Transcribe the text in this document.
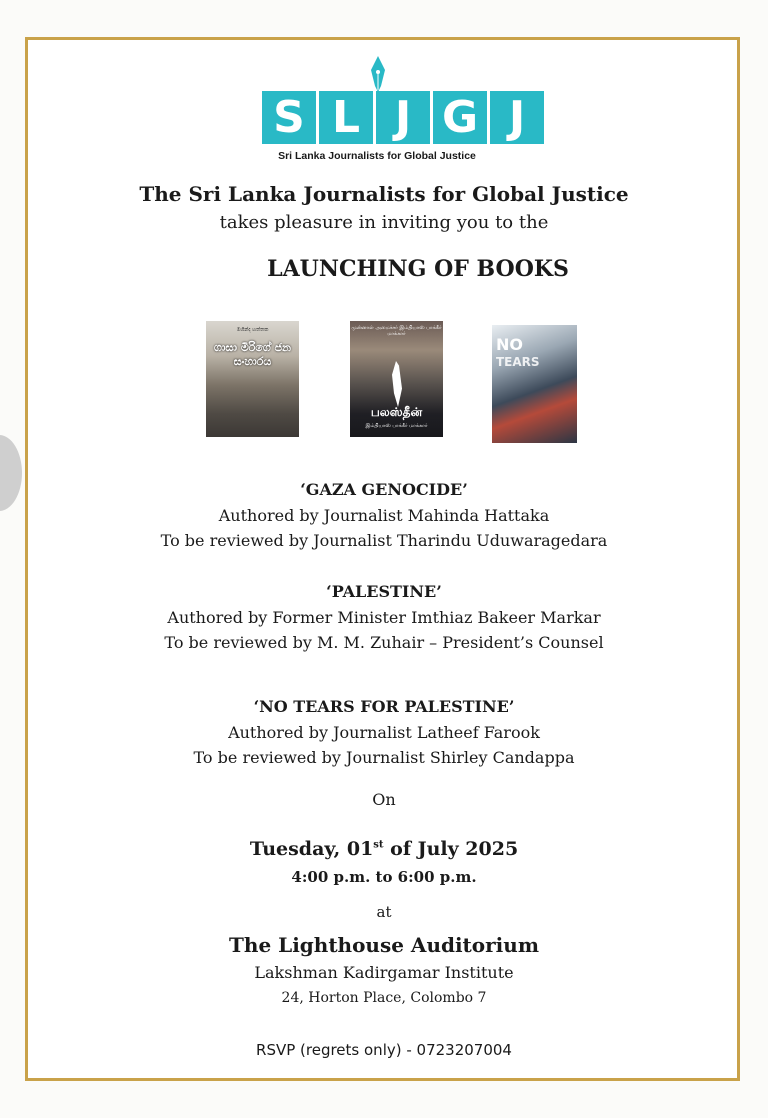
S L J G J
Sri Lanka Journalists for Global Justice
The Sri Lanka Journalists for Global Justice
takes pleasure in inviting you to the
LAUNCHING OF BOOKS
මහින්ද හත්තක
ගාසා මිරිගේ ජන සංහාරය
முன்னாள் அமைச்சர் இம்தியாஸ் பாக்கீர் மாக்கார்
பலஸ்தீன்
இம்தியாஸ் பாக்கீர் மாக்கார்
NO
TEARS
‘GAZA GENOCIDE’
Authored by Journalist Mahinda Hattaka
To be reviewed by Journalist Tharindu Uduwaragedara
‘PALESTINE’
Authored by Former Minister Imthiaz Bakeer Markar
To be reviewed by M. M. Zuhair – President’s Counsel
‘NO TEARS FOR PALESTINE’
Authored by Journalist Latheef Farook
To be reviewed by Journalist Shirley Candappa
On
Tuesday, 01st of July 2025
4:00 p.m. to 6:00 p.m.
at
The Lighthouse Auditorium
Lakshman Kadirgamar Institute
24, Horton Place, Colombo 7
RSVP (regrets only) - 0723207004
